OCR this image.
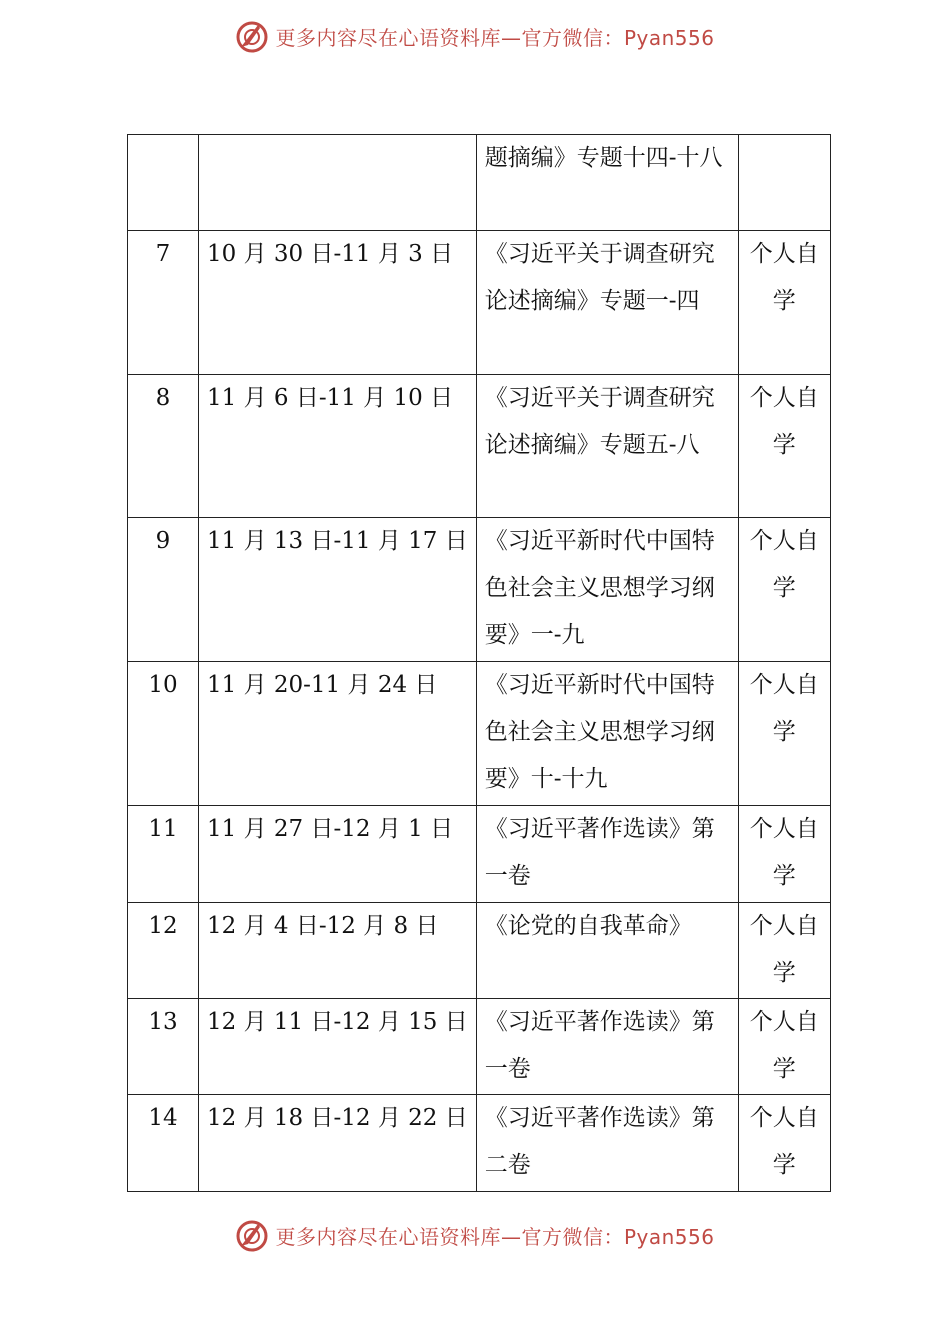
更多内容尽在心语资料库—官方微信：Pyan556
		题摘编》专题十四-十八	
7	10 月 30 日-11 月 3 日	《习近平关于调查研究论述摘编》专题一-四	个人自学
8	11 月 6 日-11 月 10 日	《习近平关于调查研究论述摘编》专题五-八	个人自学
9	11 月 13 日-11 月 17 日	《习近平新时代中国特色社会主义思想学习纲要》一-九	个人自学
10	11 月 20-11 月 24 日	《习近平新时代中国特色社会主义思想学习纲要》十-十九	个人自学
11	11 月 27 日-12 月 1 日	《习近平著作选读》第一卷	个人自学
12	12 月 4 日-12 月 8 日	《论党的自我革命》	个人自学
13	12 月 11 日-12 月 15 日	《习近平著作选读》第一卷	个人自学
14	12 月 18 日-12 月 22 日	《习近平著作选读》第二卷	个人自学
更多内容尽在心语资料库—官方微信：Pyan556
